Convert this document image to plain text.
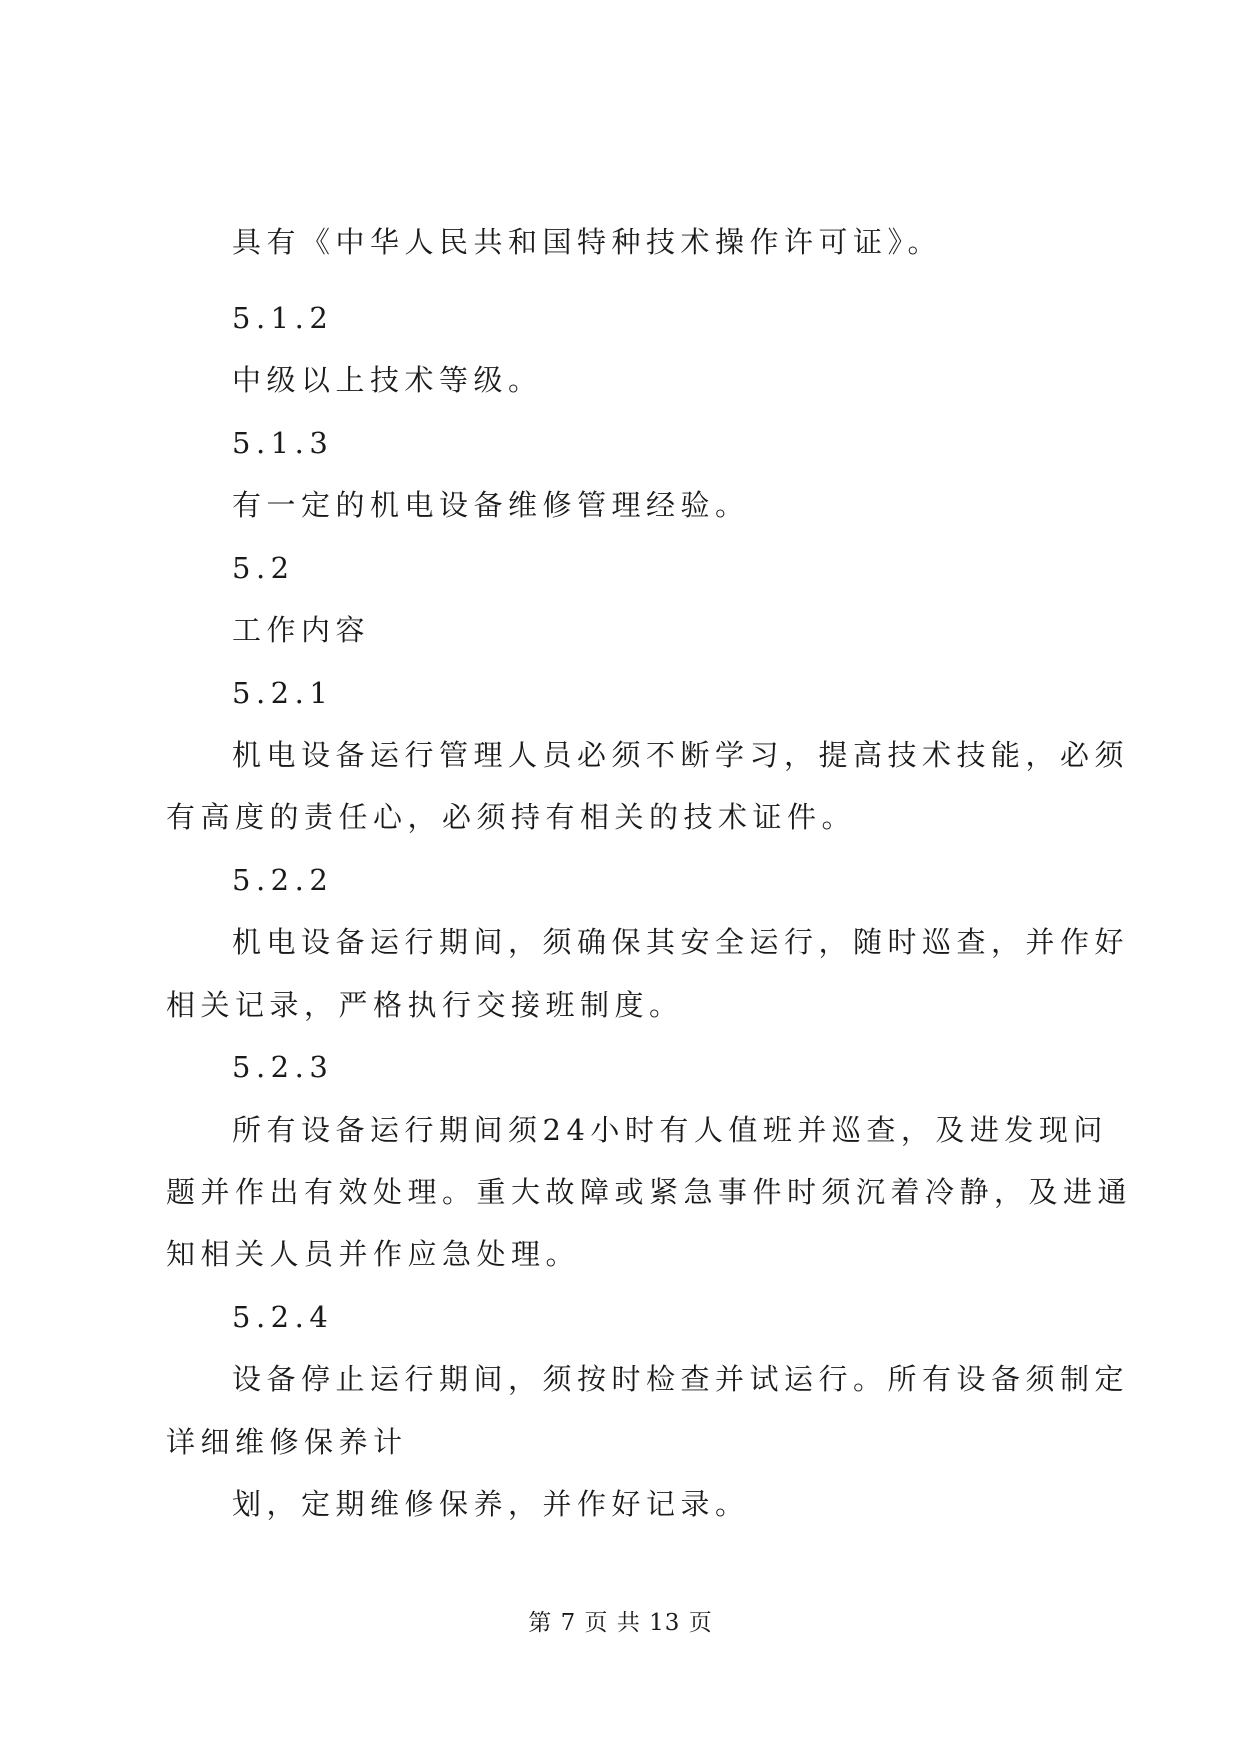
具有《中华人民共和国特种技术操作许可证》。
5.1.2
中级以上技术等级。
5.1.3
有一定的机电设备维修管理经验。
5.2
工作内容
5.2.1
机电设备运行管理人员必须不断学习，提高技术技能，必须
有高度的责任心，必须持有相关的技术证件。
5.2.2
机电设备运行期间，须确保其安全运行，随时巡查，并作好
相关记录，严格执行交接班制度。
5.2.3
所有设备运行期间须24小时有人值班并巡查，及进发现问
题并作出有效处理。重大故障或紧急事件时须沉着冷静，及进通
知相关人员并作应急处理。
5.2.4
设备停止运行期间，须按时检查并试运行。所有设备须制定
详细维修保养计
划，定期维修保养，并作好记录。
第 7 页 共 13 页
